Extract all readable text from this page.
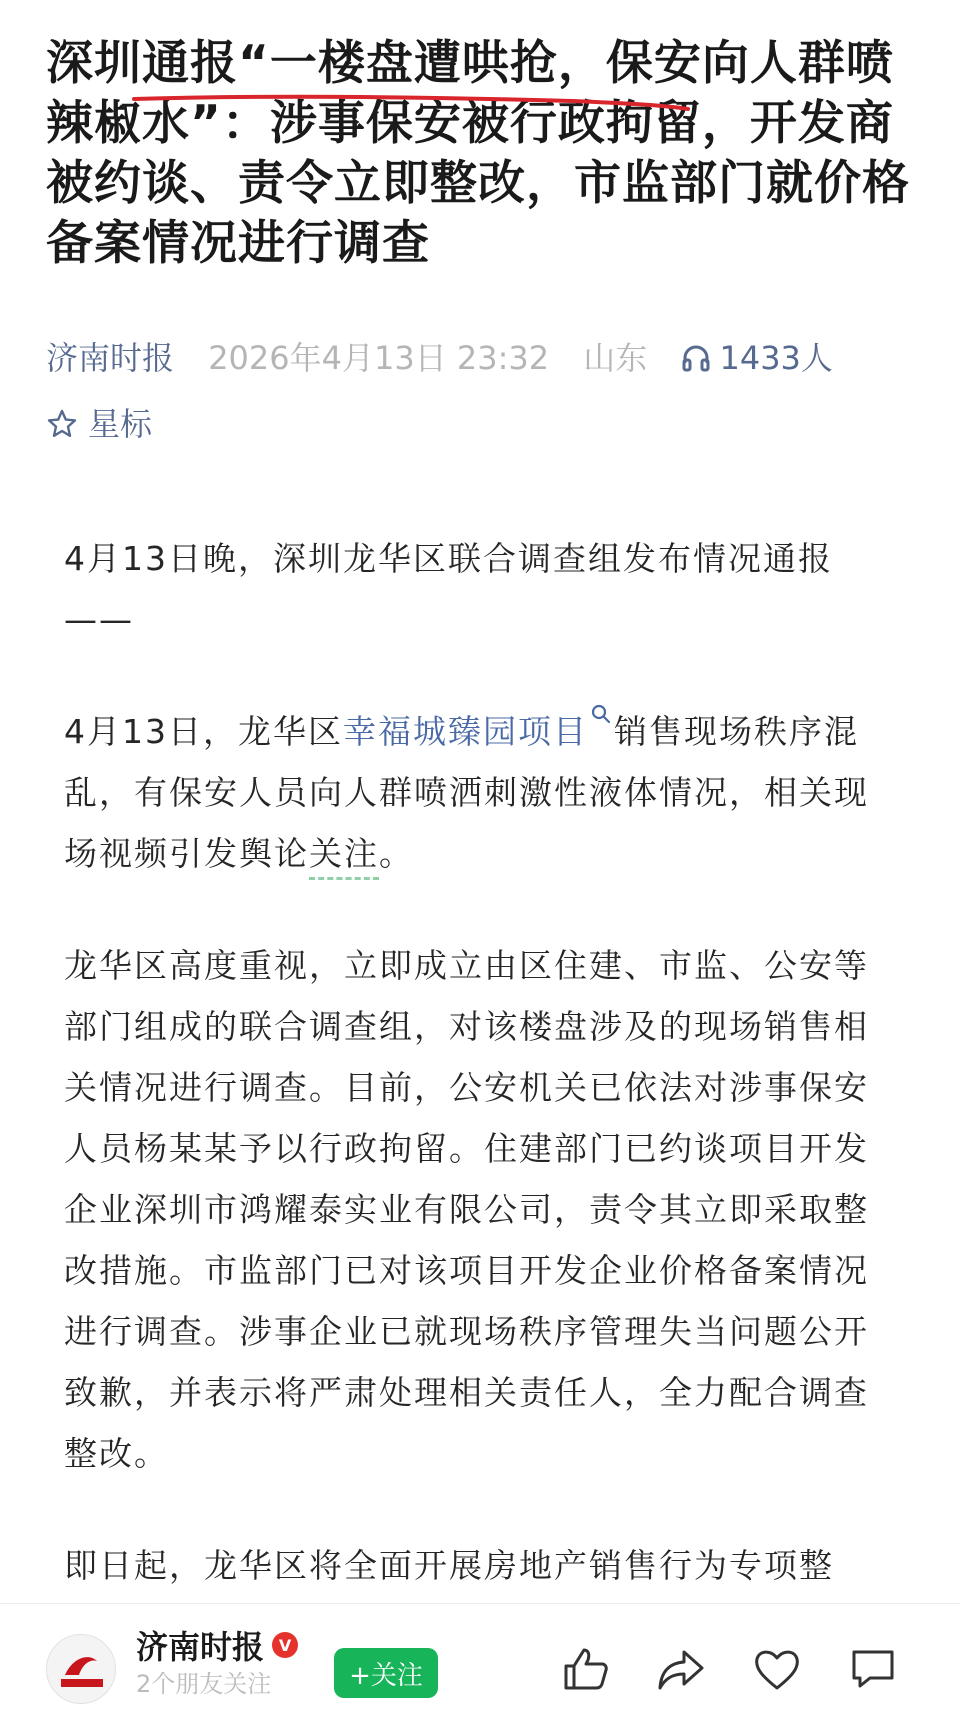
深圳通报“一楼盘遭哄抢，保安向人群喷辣椒水”：涉事保安被行政拘留，开发商被约谈、责令立即整改，市监部门就价格备案情况进行调查
济南时报 2026年4月13日 23:32 山东 1433人
星标

4月13日晚，深圳龙华区联合调查组发布情况通报
——

4月13日，龙华区幸福城臻园项目 销售现场秩序混乱，有保安人员向人群喷洒刺激性液体情况，相关现场视频引发舆论关注。

龙华区高度重视，立即成立由区住建、市监、公安等部门组成的联合调查组，对该楼盘涉及的现场销售相关情况进行调查。目前，公安机关已依法对涉事保安人员杨某某予以行政拘留。住建部门已约谈项目开发企业深圳市鸿耀泰实业有限公司，责令其立即采取整改措施。市监部门已对该项目开发企业价格备案情况进行调查。涉事企业已就现场秩序管理失当问题公开致歉，并表示将严肃处理相关责任人，全力配合调查整改。

即日起，龙华区将全面开展房地产销售行为专项整

济南时报 V
2个朋友关注	+关注
